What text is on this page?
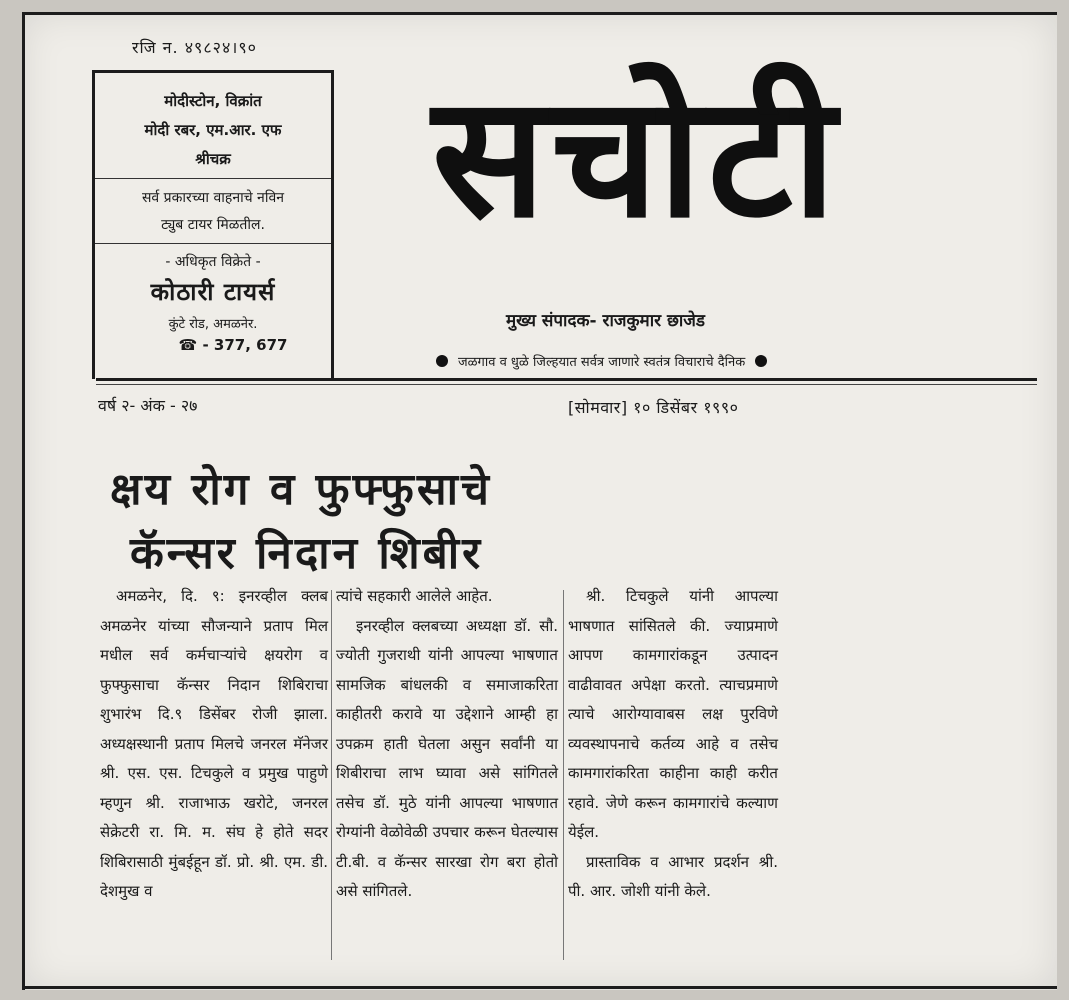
रजि न. ४९८२४।९०
मोदीस्टोन, विक्रांत
मोदी रबर, एम.आर. एफ
श्रीचक्र
सर्व प्रकारच्या वाहनाचे नविन
ट्युब टायर मिळतील.
- अधिकृत विक्रेते -
कोठारी टायर्स
कुंटे रोड, अमळनेर.
☎ - 377, 677
सचोटी
मुख्य संपादक- राजकुमार छाजेड
जळगाव व धुळे जिल्हयात सर्वत्र जाणारे स्वतंत्र विचाराचे दैनिक
वर्ष २- अंक - २७	[सोमवार] १० डिसेंबर १९९०
क्षय रोग व फुफ्फुसाचे
कॅन्सर निदान शिबीर
अमळनेर, दि. ९: इनरव्हील क्लब अमळनेर यांच्या सौजन्याने प्रताप मिल मधील सर्व कर्मचाऱ्यांचे क्षयरोग व फुफ्फुसाचा कॅन्सर निदान शिबिराचा शुभारंभ दि.९ डिसेंबर रोजी झाला. अध्यक्षस्थानी प्रताप मिलचे जनरल मॅनेजर श्री. एस. एस. टिचकुले व प्रमुख पाहुणे म्हणुन श्री. राजाभाऊ खरोटे, जनरल सेक्रेटरी रा. मि. म. संघ हे होते सदर शिबिरासाठी मुंबईहून डॉ. प्रो. श्री. एम. डी. देशमुख व

त्यांचे सहकारी आलेले आहेत.

इनरव्हील क्लबच्या अध्यक्षा डॉ. सौ. ज्योती गुजराथी यांनी आपल्या भाषणात सामजिक बांधलकी व समाजाकरिता काहीतरी करावे या उद्देशाने आम्ही हा उपक्रम हाती घेतला असुन सर्वांनी या शिबीराचा लाभ घ्यावा असे सांगितले तसेच डॉ. मुठे यांनी आपल्या भाषणात रोग्यांनी वेळोवेळी उपचार करून घेतल्यास टी.बी. व कॅन्सर सारखा रोग बरा होतो असे सांगितले.

श्री. टिचकुले यांनी आपल्या भाषणात सांसितले की. ज्याप्रमाणे आपण कामगारांकडून उत्पादन वाढीवावत अपेक्षा करतो. त्याचप्रमाणे त्याचे आरोग्यावाबस लक्ष पुरविणे व्यवस्थापनाचे कर्तव्य आहे व तसेच कामगारांकरिता काहीना काही करीत रहावे. जेणे करून कामगारांचे कल्याण येईल.

प्रास्ताविक व आभार प्रदर्शन श्री. पी. आर. जोशी यांनी केले.
